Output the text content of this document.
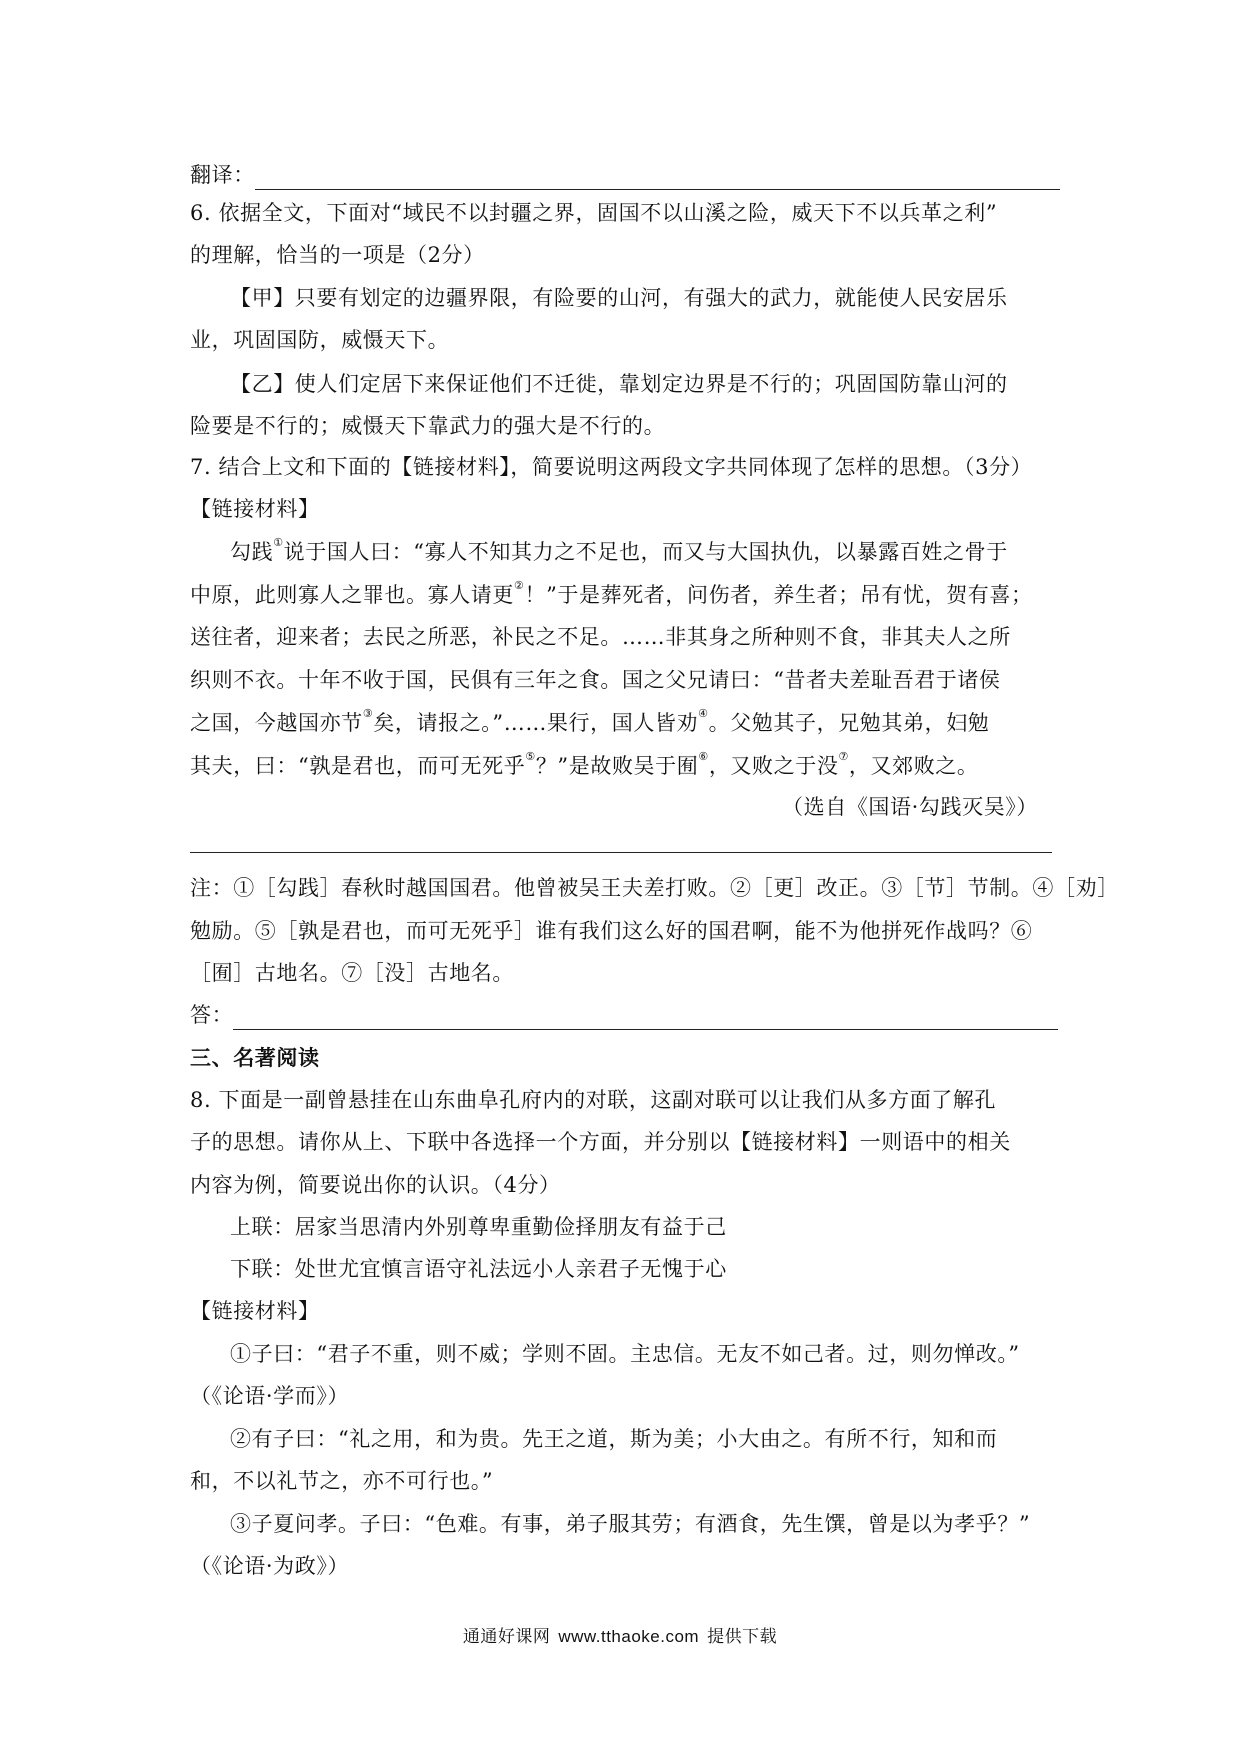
翻译：
6. 依据全文，下面对“域民不以封疆之界，固国不以山溪之险，威天下不以兵革之利”
的理解，恰当的一项是（2分）
【甲】只要有划定的边疆界限，有险要的山河，有强大的武力，就能使人民安居乐
业，巩固国防，威慑天下。
【乙】使人们定居下来保证他们不迁徙，靠划定边界是不行的；巩固国防靠山河的
险要是不行的；威慑天下靠武力的强大是不行的。
7. 结合上文和下面的【链接材料】，简要说明这两段文字共同体现了怎样的思想。（3分）
【链接材料】
勾践①说于国人曰：“寡人不知其力之不足也，而又与大国执仇，以暴露百姓之骨于
中原，此则寡人之罪也。寡人请更②！”于是葬死者，问伤者，养生者；吊有忧，贺有喜；
送往者，迎来者；去民之所恶，补民之不足。……非其身之所种则不食，非其夫人之所
织则不衣。十年不收于国，民俱有三年之食。国之父兄请曰：“昔者夫差耻吾君于诸侯
之国，今越国亦节③矣，请报之。”……果行，国人皆劝④。父勉其子，兄勉其弟，妇勉
其夫，曰：“孰是君也，而可无死乎⑤？”是故败吴于囿⑥，又败之于没⑦，又郊败之。
（选自《国语·勾践灭吴》）
注：①［勾践］春秋时越国国君。他曾被吴王夫差打败。②［更］改正。③［节］节制。④［劝］
勉励。⑤［孰是君也，而可无死乎］谁有我们这么好的国君啊，能不为他拼死作战吗？⑥
［囿］古地名。⑦［没］古地名。
答：
三、名著阅读
8. 下面是一副曾悬挂在山东曲阜孔府内的对联，这副对联可以让我们从多方面了解孔
子的思想。请你从上、下联中各选择一个方面，并分别以【链接材料】一则语中的相关
内容为例，简要说出你的认识。（4分）
上联：居家当思清内外别尊卑重勤俭择朋友有益于己
下联：处世尤宜慎言语守礼法远小人亲君子无愧于心
【链接材料】
①子曰：“君子不重，则不威；学则不固。主忠信。无友不如己者。过，则勿惮改。”
（《论语·学而》）
②有子曰：“礼之用，和为贵。先王之道，斯为美；小大由之。有所不行，知和而
和，不以礼节之，亦不可行也。”
③子夏问孝。子曰：“色难。有事，弟子服其劳；有酒食，先生馔，曾是以为孝乎？”
（《论语·为政》）
通通好课网 www.tthaoke.com 提供下载
